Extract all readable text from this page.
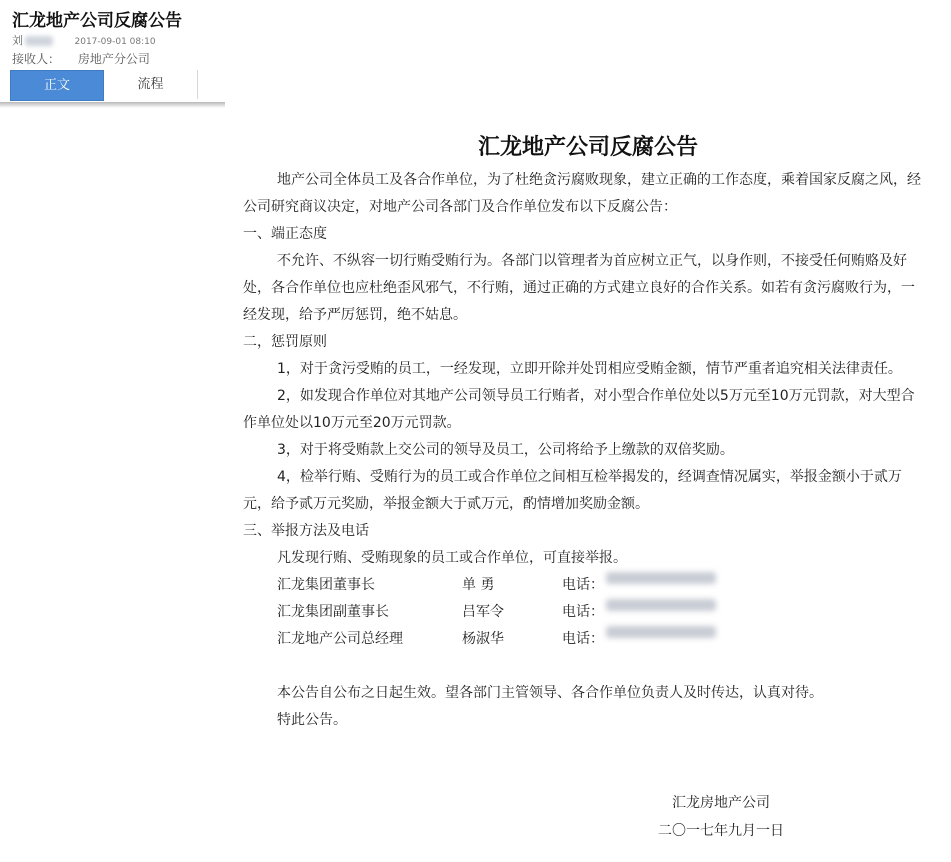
汇龙地产公司反腐公告
刘	2017-09-01 08:10
接收人： 房地产分公司
正文	流程
汇龙地产公司反腐公告

地产公司全体员工及各合作单位，为了杜绝贪污腐败现象，建立正确的工作态度，乘着国家反腐之风，经公司研究商议决定，对地产公司各部门及合作单位发布以下反腐公告：

一、端正态度

不允许、不纵容一切行贿受贿行为。各部门以管理者为首应树立正气，以身作则，不接受任何贿赂及好处，各合作单位也应杜绝歪风邪气，不行贿，通过正确的方式建立良好的合作关系。如若有贪污腐败行为，一经发现，给予严厉惩罚，绝不姑息。

二，惩罚原则

1，对于贪污受贿的员工，一经发现，立即开除并处罚相应受贿金额，情节严重者追究相关法律责任。

2，如发现合作单位对其地产公司领导员工行贿者，对小型合作单位处以5万元至10万元罚款，对大型合作单位处以10万元至20万元罚款。

3，对于将受贿款上交公司的领导及员工，公司将给予上缴款的双倍奖励。

4，检举行贿、受贿行为的员工或合作单位之间相互检举揭发的，经调查情况属实，举报金额小于贰万元，给予贰万元奖励，举报金额大于贰万元，酌情增加奖励金额。

三、举报方法及电话

凡发现行贿、受贿现象的员工或合作单位，可直接举报。

汇龙集团董事长	单 勇	电话：
汇龙集团副董事长	吕军令	电话：
汇龙地产公司总经理	杨淑华	电话：

本公告自公布之日起生效。望各部门主管领导、各合作单位负责人及时传达，认真对待。

特此公告。

汇龙房地产公司
二〇一七年九月一日
